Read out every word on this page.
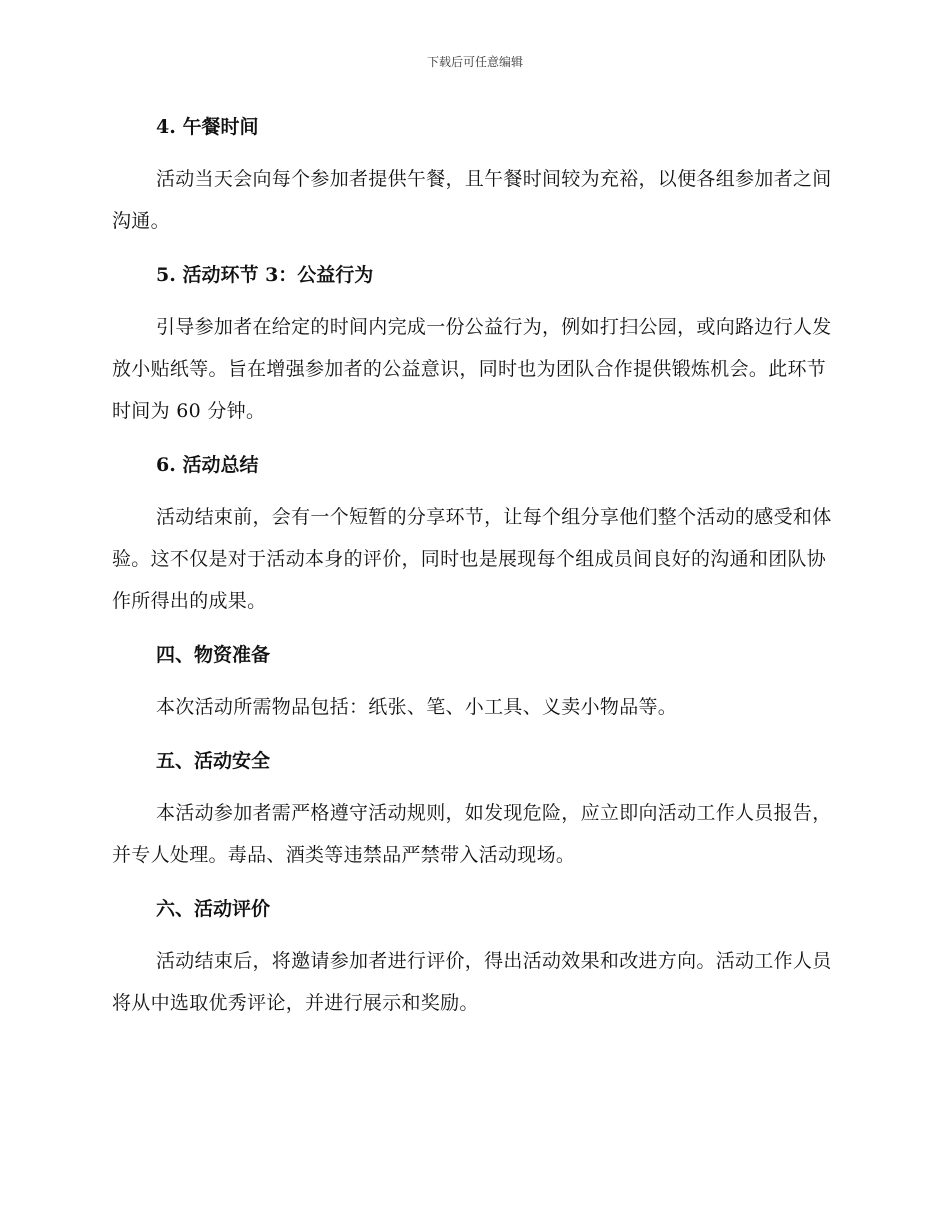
下载后可任意编辑
4. 午餐时间

活动当天会向每个参加者提供午餐，且午餐时间较为充裕，以便各组参加者之间沟通。

5. 活动环节 3：公益行为

引导参加者在给定的时间内完成一份公益行为，例如打扫公园，或向路边行人发放小贴纸等。旨在增强参加者的公益意识，同时也为团队合作提供锻炼机会。此环节时间为 60 分钟。

6. 活动总结

活动结束前，会有一个短暂的分享环节，让每个组分享他们整个活动的感受和体验。这不仅是对于活动本身的评价，同时也是展现每个组成员间良好的沟通和团队协作所得出的成果。

四、物资准备

本次活动所需物品包括：纸张、笔、小工具、义卖小物品等。

五、活动安全

本活动参加者需严格遵守活动规则，如发现危险，应立即向活动工作人员报告，并专人处理。毒品、酒类等违禁品严禁带入活动现场。

六、活动评价

活动结束后，将邀请参加者进行评价，得出活动效果和改进方向。活动工作人员将从中选取优秀评论，并进行展示和奖励。
